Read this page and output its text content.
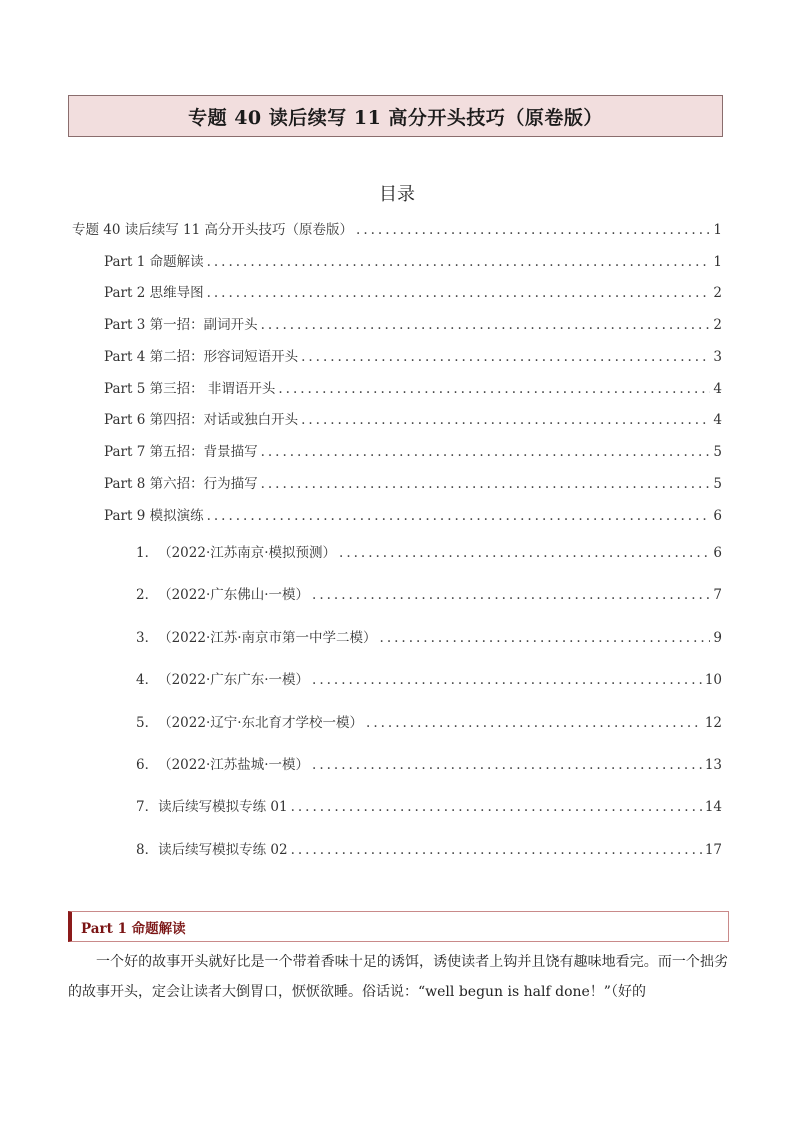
专题 40 读后续写 11 高分开头技巧（原卷版）
目录
专题 40 读后续写 11 高分开头技巧（原卷版） .....	1
Part 1 命题解读 .....	1
Part 2 思维导图 .....	2
Part 3 第一招：副词开头 .....	2
Part 4 第二招：形容词短语开头 .....	3
Part 5 第三招： 非谓语开头 .....	4
Part 6 第四招：对话或独白开头 .....	4
Part 7 第五招：背景描写 .....	5
Part 8 第六招：行为描写 .....	5
Part 9 模拟演练 .....	6
1． （2022·江苏南京·模拟预测） .....	6
2． （2022·广东佛山·一模） .....	7
3． （2022·江苏·南京市第一中学二模） .....	9
4． （2022·广东广东·一模） .....	10
5． （2022·辽宁·东北育才学校一模） .....	12
6． （2022·江苏盐城·一模） .....	13
7． 读后续写模拟专练 01 .....	14
8． 读后续写模拟专练 02 .....	17
Part 1 命题解读
一个好的故事开头就好比是一个带着香味十足的诱饵，诱使读者上钩并且饶有趣味地看完。而一个拙劣的故事开头，定会让读者大倒胃口，恹恹欲睡。俗话说：“well begun is half done！”（好的
